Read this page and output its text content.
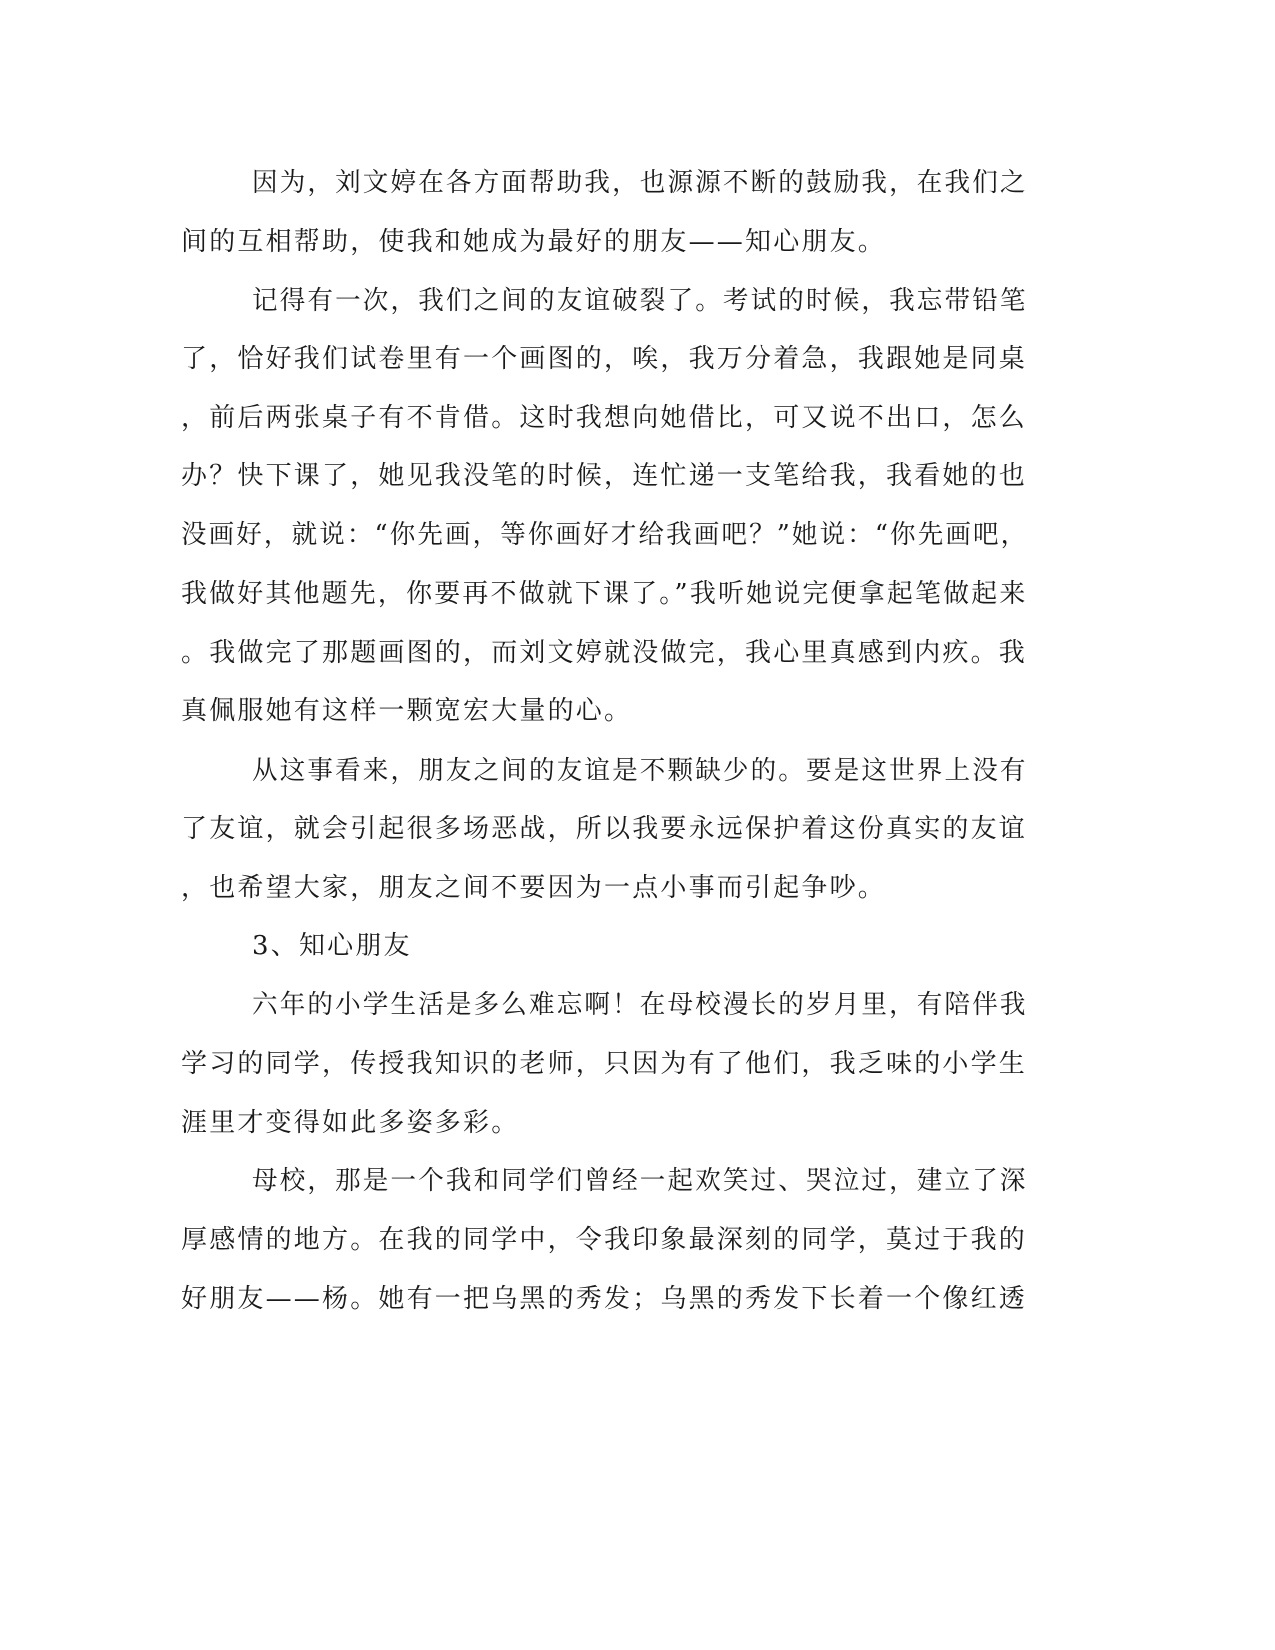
因为，刘文婷在各方面帮助我，也源源不断的鼓励我，在我们之
间的互相帮助，使我和她成为最好的朋友——知心朋友。
记得有一次，我们之间的友谊破裂了。考试的时候，我忘带铅笔
了，恰好我们试卷里有一个画图的，唉，我万分着急，我跟她是同桌
，前后两张桌子有不肯借。这时我想向她借比，可又说不出口，怎么
办？快下课了，她见我没笔的时候，连忙递一支笔给我，我看她的也
没画好，就说：“你先画，等你画好才给我画吧？”她说：“你先画吧，
我做好其他题先，你要再不做就下课了。”我听她说完便拿起笔做起来
。我做完了那题画图的，而刘文婷就没做完，我心里真感到内疚。我
真佩服她有这样一颗宽宏大量的心。
从这事看来，朋友之间的友谊是不颗缺少的。要是这世界上没有
了友谊，就会引起很多场恶战，所以我要永远保护着这份真实的友谊
，也希望大家，朋友之间不要因为一点小事而引起争吵。
3、知心朋友
六年的小学生活是多么难忘啊！在母校漫长的岁月里，有陪伴我
学习的同学，传授我知识的老师，只因为有了他们，我乏味的小学生
涯里才变得如此多姿多彩。
母校，那是一个我和同学们曾经一起欢笑过、哭泣过，建立了深
厚感情的地方。在我的同学中，令我印象最深刻的同学，莫过于我的
好朋友——杨。她有一把乌黑的秀发；乌黑的秀发下长着一个像红透
